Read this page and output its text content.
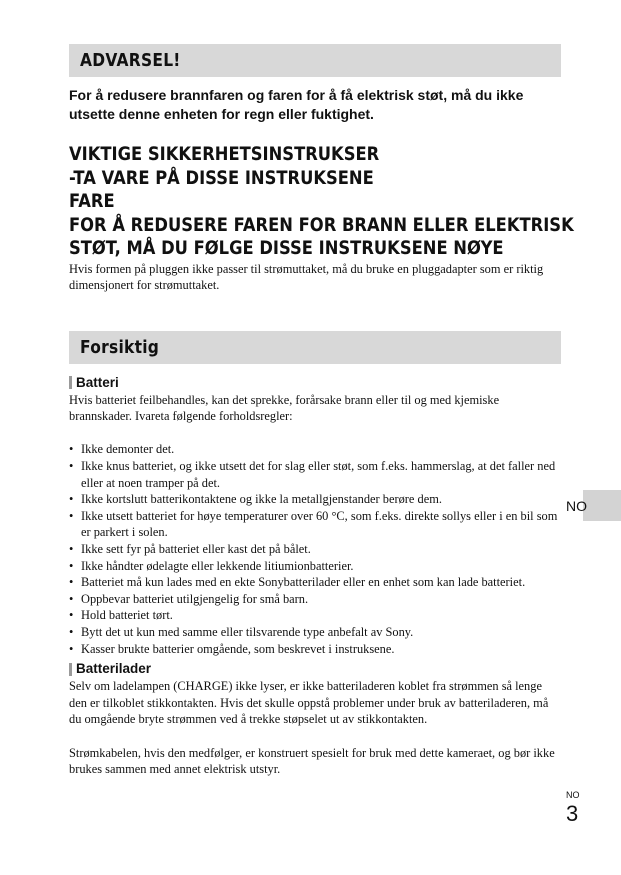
ADVARSEL!
For å redusere brannfaren og faren for å få elektrisk støt, må du ikke utsette denne enheten for regn eller fuktighet.
VIKTIGE SIKKERHETSINSTRUKSER
-TA VARE PÅ DISSE INSTRUKSENE
FARE
FOR Å REDUSERE FAREN FOR BRANN ELLER ELEKTRISK
STØT, MÅ DU FØLGE DISSE INSTRUKSENE NØYE

Hvis formen på pluggen ikke passer til strømuttaket, må du bruke en pluggadapter som er riktig dimensjonert for strømuttaket.

Forsiktig
Batteri

Hvis batteriet feilbehandles, kan det sprekke, forårsake brann eller til og med kjemiske brannskader. Ivareta følgende forholdsregler:

• Ikke demonter det.
• Ikke knus batteriet, og ikke utsett det for slag eller støt, som f.eks. hammerslag, at det faller ned eller at noen tramper på det.
• Ikke kortslutt batterikontaktene og ikke la metallgjenstander berøre dem.
• Ikke utsett batteriet for høye temperaturer over 60 °C, som f.eks. direkte sollys eller i en bil som er parkert i solen.
• Ikke sett fyr på batteriet eller kast det på bålet.
• Ikke håndter ødelagte eller lekkende litiumionbatterier.
• Batteriet må kun lades med en ekte Sonybatterilader eller en enhet som kan lade batteriet.
• Oppbevar batteriet utilgjengelig for små barn.
• Hold batteriet tørt.
• Bytt det ut kun med samme eller tilsvarende type anbefalt av Sony.
• Kasser brukte batterier omgående, som beskrevet i instruksene.
Batterilader

Selv om ladelampen (CHARGE) ikke lyser, er ikke batteriladeren koblet fra strømmen så lenge den er tilkoblet stikkontakten. Hvis det skulle oppstå problemer under bruk av batteriladeren, må du omgående bryte strømmen ved å trekke støpselet ut av stikkontakten.

Strømkabelen, hvis den medfølger, er konstruert spesielt for bruk med dette kameraet, og bør ikke brukes sammen med annet elektrisk utstyr.

NO
NO
3
